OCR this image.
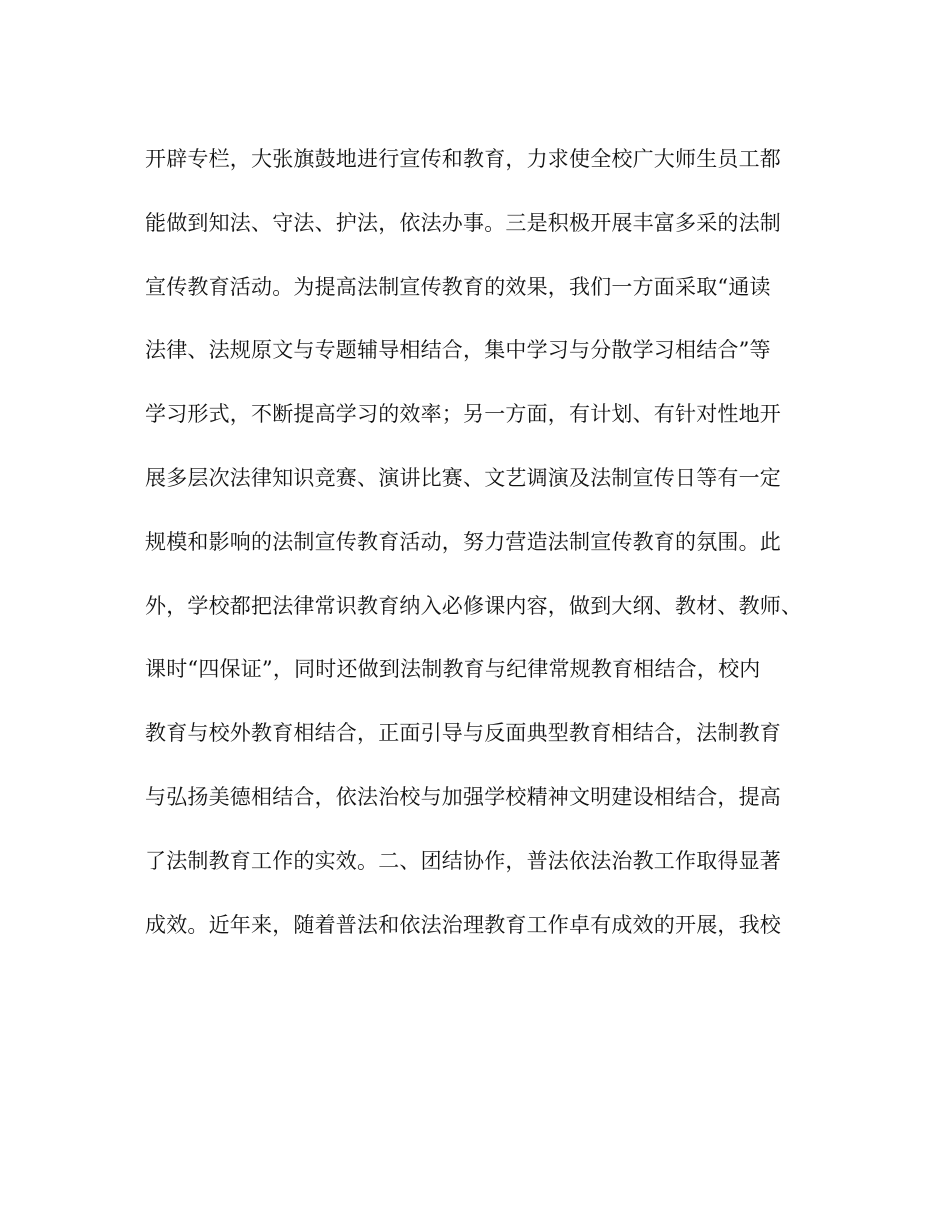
开辟专栏，大张旗鼓地进行宣传和教育，力求使全校广大师生员工都
能做到知法、守法、护法，依法办事。三是积极开展丰富多采的法制
宣传教育活动。为提高法制宣传教育的效果，我们一方面采取“通读
法律、法规原文与专题辅导相结合，集中学习与分散学习相结合”等
学习形式，不断提高学习的效率；另一方面，有计划、有针对性地开
展多层次法律知识竞赛、演讲比赛、文艺调演及法制宣传日等有一定
规模和影响的法制宣传教育活动，努力营造法制宣传教育的氛围。此
外，学校都把法律常识教育纳入必修课内容，做到大纲、教材、教师、
课时“四保证”，同时还做到法制教育与纪律常规教育相结合，校内
教育与校外教育相结合，正面引导与反面典型教育相结合，法制教育
与弘扬美德相结合，依法治校与加强学校精神文明建设相结合，提高
了法制教育工作的实效。二、团结协作，普法依法治教工作取得显著
成效。近年来，随着普法和依法治理教育工作卓有成效的开展，我校
